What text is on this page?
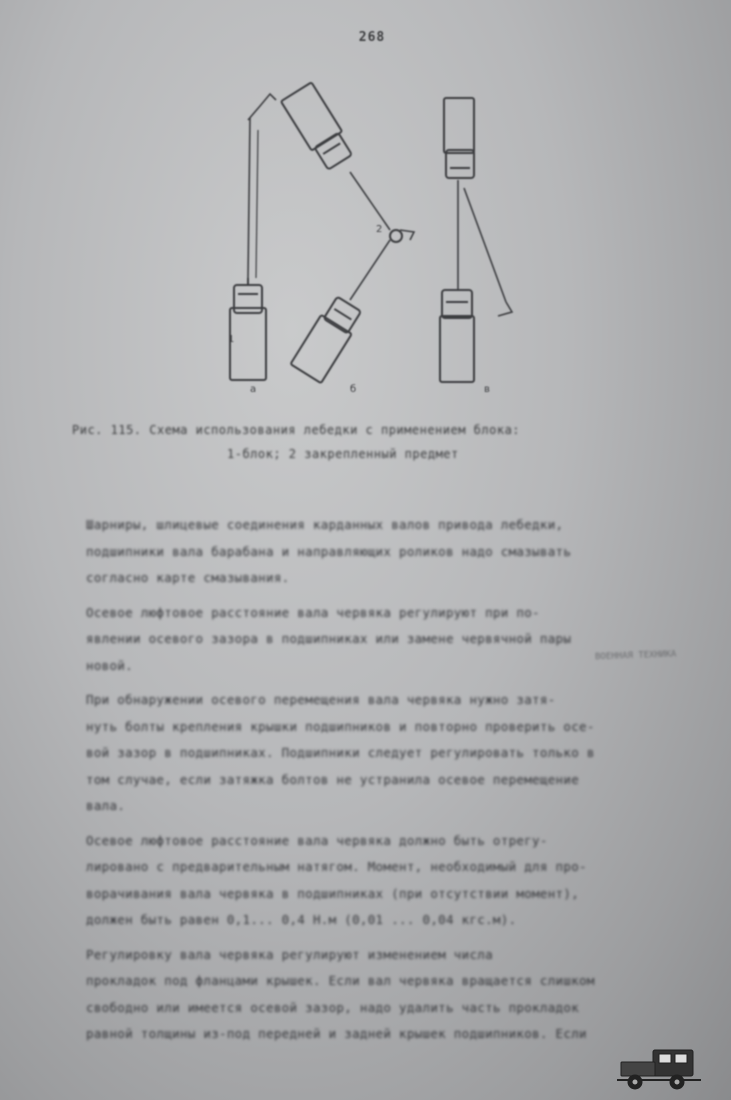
268
а	б	в
1
2
Рис. 115. Схема использования лебедки с применением блока:
1-блок; 2 закрепленный предмет
Шарниры, шлицевые соединения карданных валов привода лебедки,
подшипники вала барабана и направляющих роликов надо смазывать
согласно карте смазывания.
Осевое люфтовое расстояние вала червяка регулируют при по-
явлении осевого зазора в подшипниках или замене червячной пары
новой.
При обнаружении осевого перемещения вала червяка нужно затя-
нуть болты крепления крышки подшипников и повторно проверить осе-
вой зазор в подшипниках. Подшипники следует регулировать только в
том случае, если затяжка болтов не устранила осевое перемещение
вала.
Осевое люфтовое расстояние вала червяка должно быть отрегу-
лировано с предварительным натягом. Момент, необходимый для про-
ворачивания вала червяка в подшипниках (при отсутствии момент),
должен быть равен 0,1... 0,4 Н.м (0,01 ... 0,04 кгс.м).
Регулировку вала червяка регулируют изменением числа
прокладок под фланцами крышек. Если вал червяка вращается слишком
свободно или имеется осевой зазор, надо удалить часть прокладок
равной толщины из-под передней и задней крышек подшипников. Если
ВОЕННАЯ ТЕХНИКА
